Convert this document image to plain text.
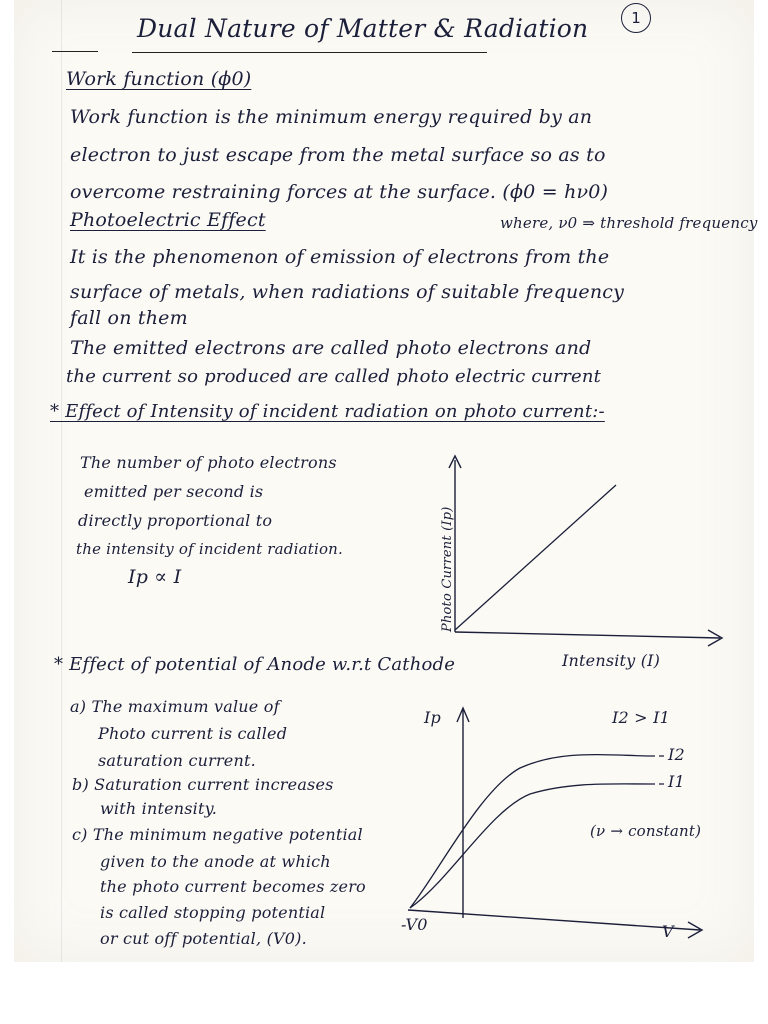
1
Dual Nature of Matter & Radiation
Work function (ϕ0)
Work function is the minimum energy required by an
electron to just escape from the metal surface so as to
overcome restraining forces at the surface. (ϕ0 = hν0)
where, ν0 ⇒ threshold frequency
Photoelectric Effect
It is the phenomenon of emission of electrons from the
surface of metals, when radiations of suitable frequency
fall on them
The emitted electrons are called photo electrons and
the current so produced are called photo electric current
* Effect of Intensity of incident radiation on photo current:-
The number of photo electrons
emitted per second is
directly proportional to
the intensity of incident radiation.
Ip ∝ I	Photo Current (Ip)
Intensity (I)
* Effect of potential of Anode w.r.t Cathode
a) The maximum value of
Photo current is called
saturation current.
b) Saturation current increases
with intensity.
c) The minimum negative potential
given to the anode at which
the photo current becomes zero
is called stopping potential
or cut off potential, (V0).
Ip	I2 > I1
I2
I1
(ν → constant)
-V0	V
